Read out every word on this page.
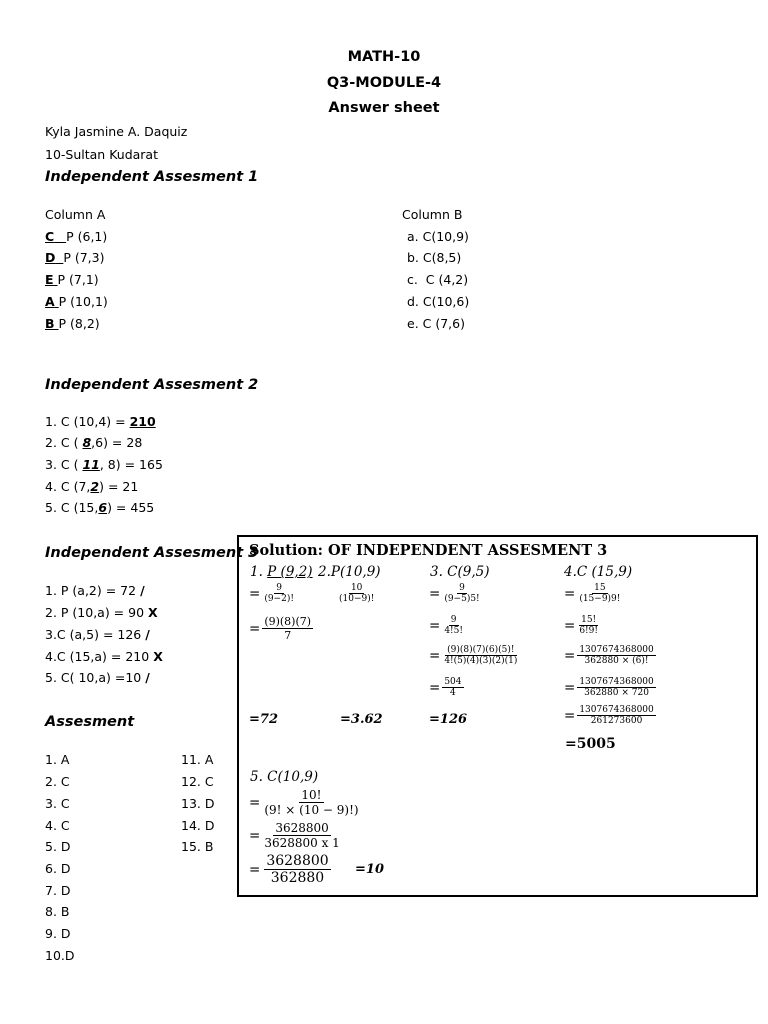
MATH-10
Q3-MODULE-4
Answer sheet
Kyla Jasmine A. Daquiz
10-Sultan Kudarat
Independent Assesment 1
Column A	Column B
C P (6,1)
D P (7,3)
E P (7,1)
A P (10,1)
B P (8,2)
a. C(10,9)
b. C(8,5)
c.  C (4,2)
d. C(10,6)
e. C (7,6)
Independent Assesment 2
1. C (10,4) = 210
2. C ( 8,6) = 28
3. C ( 11, 8) = 165
4. C (7,2) = 21
5. C (15,6) = 455
Independent Assesment 3
1. P (a,2) = 72 /
2. P (10,a) = 90 X
3.C (a,5) = 126 /
4.C (15,a) = 210 X
5. C( 10,a) =10 /
Assesment
1. A
2. C
3. C
4. C
5. D
6. D
7. D
8. B
9. D
10.D
11. A
12. C
13. D
14. D
15. B
Solution: OF INDEPENDENT ASSESMENT 3
1. P (9,2)
= $\frac{9}{(9-2)!}$
= $\frac{(9)(8)(7)}{7}$
=72
2.P(10,9)
10
(10−9)!
=3.62
3. C(9,5)
= $\frac{9}{(9-5)5!}$
= $\frac{9}{4!5!}$
= $\frac{(9)(8)(7)(6)(5)!}{4!(5)(4)(3)(2)(1)}$
= $\frac{504}{4}$
=126
4.C (15,9)
= $\frac{15}{(15-9)9!}$
= $\frac{15!}{6!9!}$
= $\frac{1307674368000}{362880 \times (6)!}$
= $\frac{1307674368000}{362880 \times 720}$
= $\frac{1307674368000}{261273600}$
=5005
5. C(10,9)
= $\frac{10!}{(9! \times (10 - 9)!)}$
= $\frac{3628800}{3628800 x 1}$
= $\frac{3628800}{362880} =10$
